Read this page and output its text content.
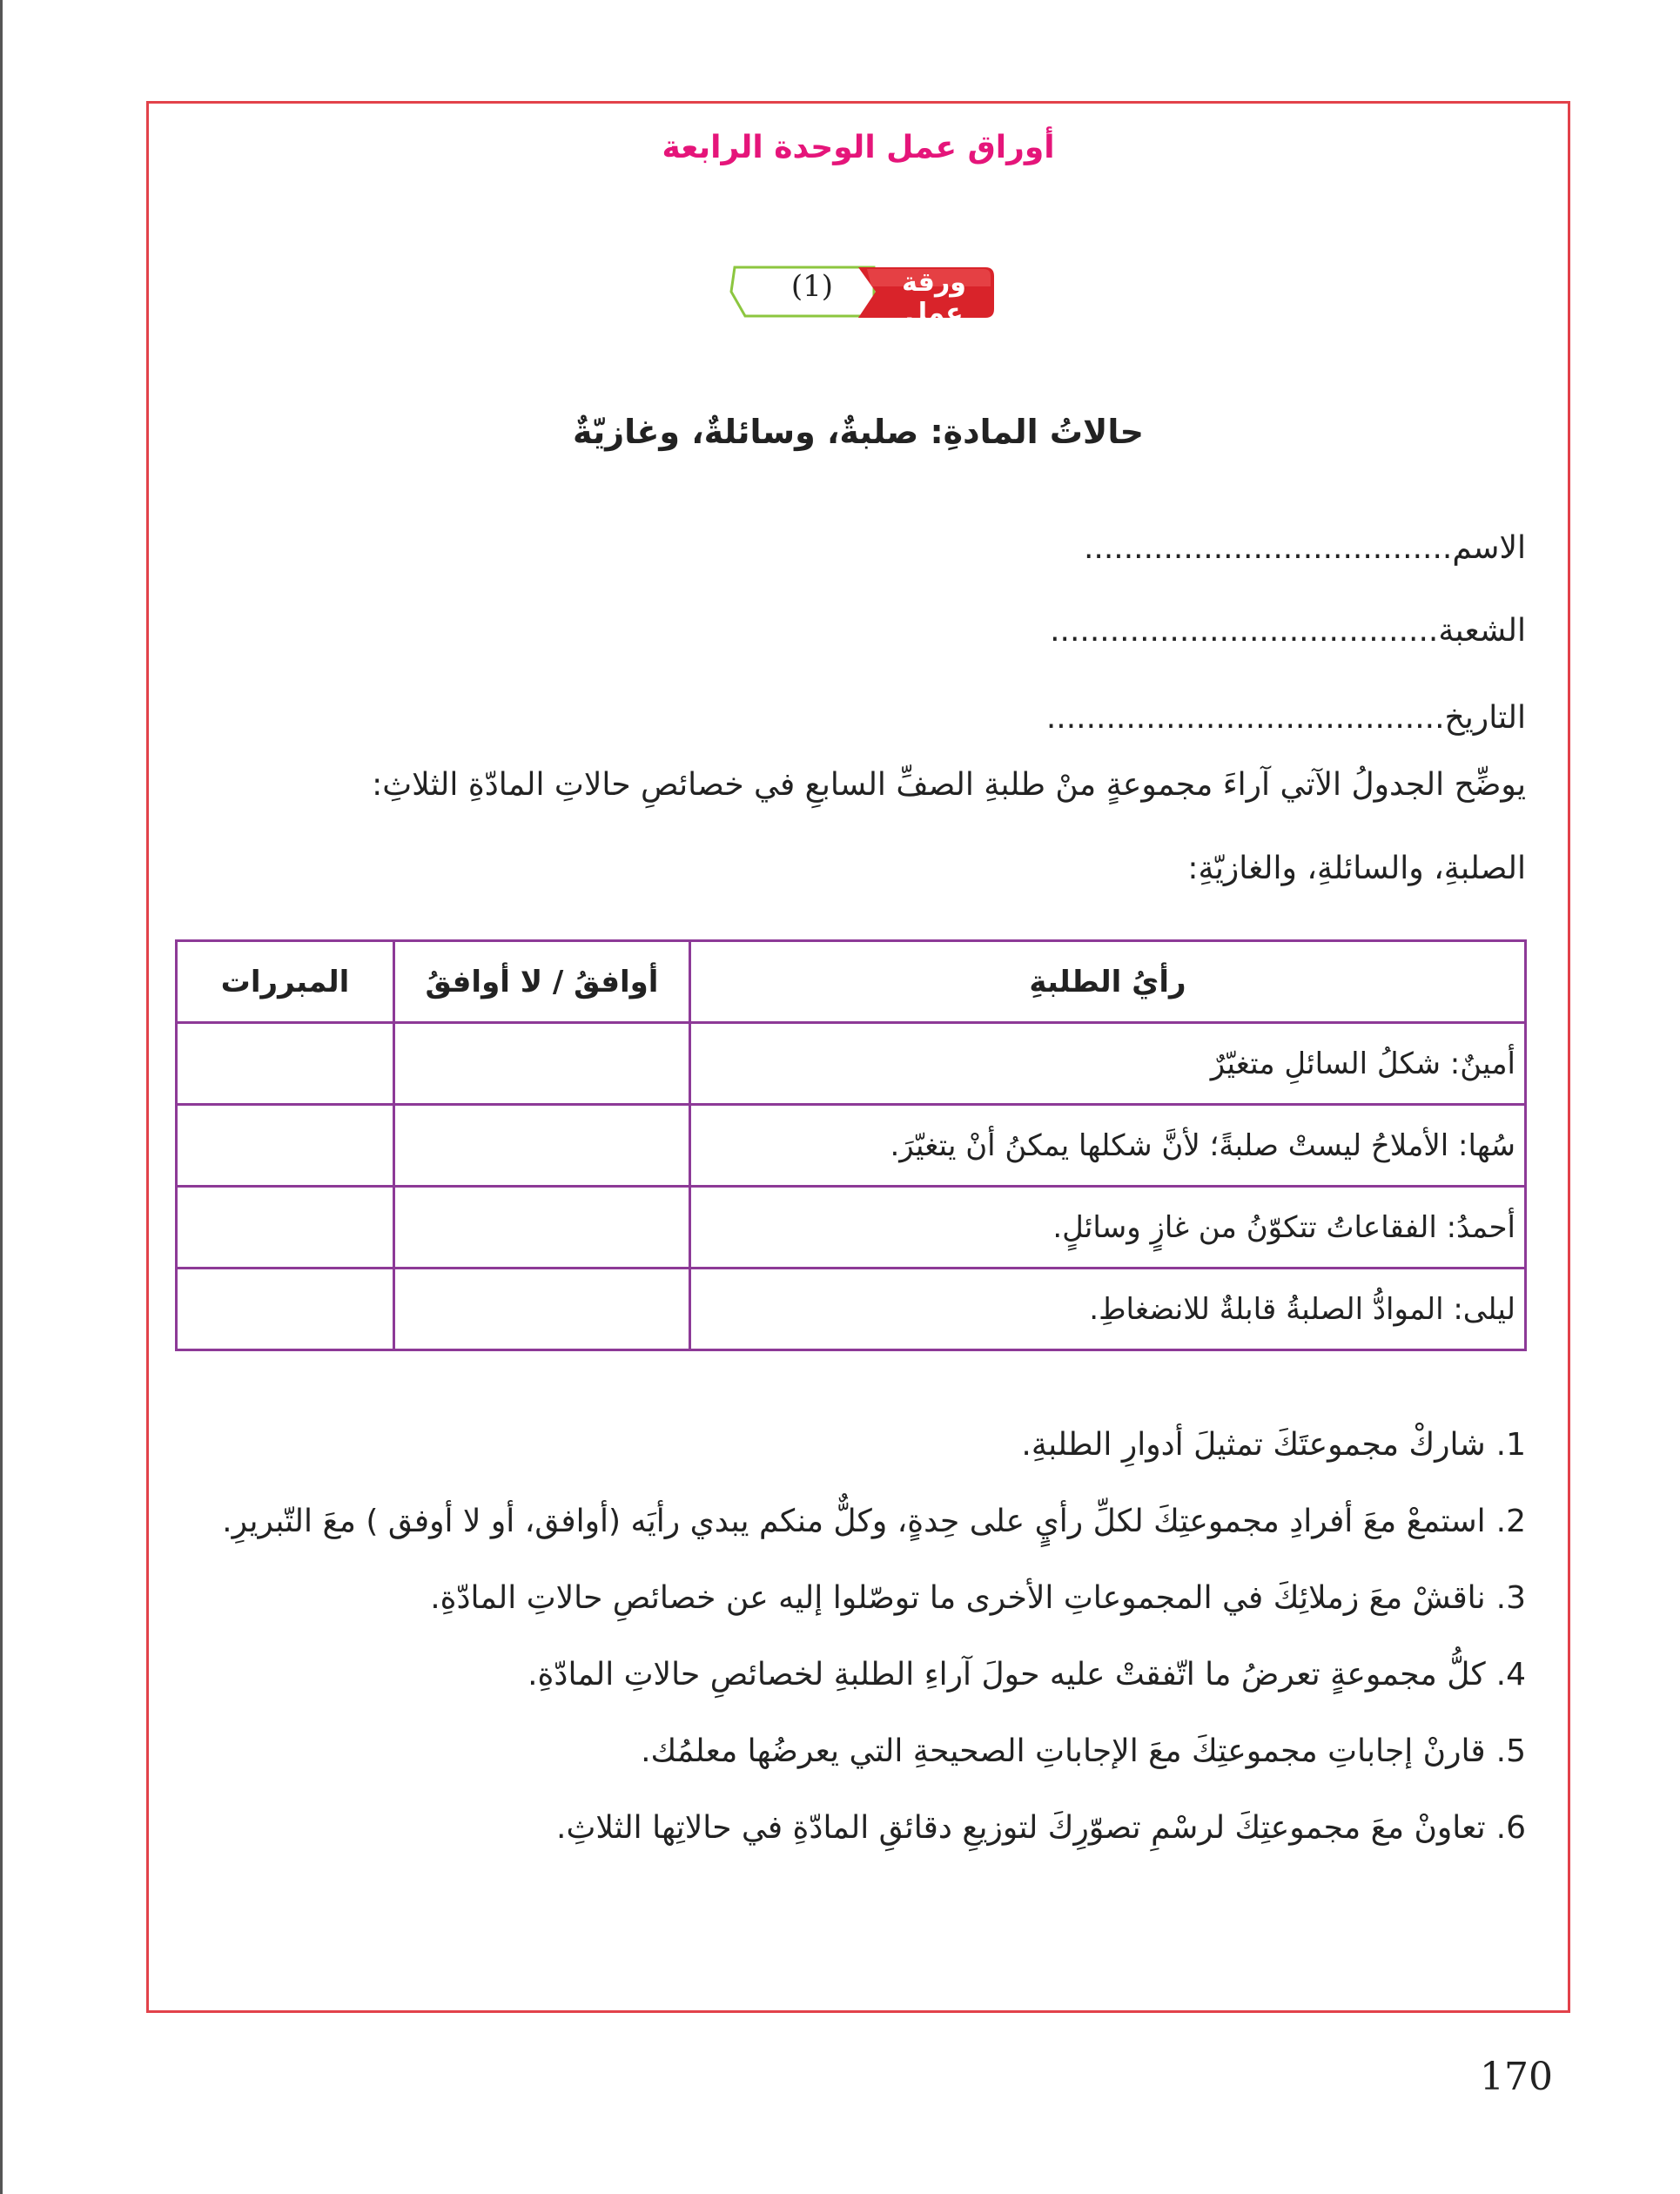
أوراق عمل الوحدة الرابعة
(1)	ورقة عمل
حالاتُ المادةِ: صلبةٌ، وسائلةٌ، وغازيّةٌ
الاسم.....................................
الشعبة.......................................
التاريخ........................................
يوضِّح الجدولُ الآتي آراءَ مجموعةٍ منْ طلبةِ الصفِّ السابعِ في خصائصِ حالاتِ المادّةِ الثلاثِ:
الصلبةِ، والسائلةِ، والغازيّةِ:
رأيُ الطلبةِ	أوافقُ / لا أوافقُ	المبررات
أمينٌ: شكلُ السائلِ متغيّرٌ		
سُها: الأملاحُ ليستْ صلبةً؛ لأنَّ شكلها يمكنُ أنْ يتغيّرَ.		
أحمدُ: الفقاعاتُ تتكوّنُ من غازٍ وسائلٍ.		
ليلى: الموادُّ الصلبةُ قابلةٌ للانضغاطِ.		
1.شاركْ مجموعتَكَ تمثيلَ أدوارِ الطلبةِ.
2.استمعْ معَ أفرادِ مجموعتِكَ لكلِّ رأيٍ على حِدةٍ، وكلٌّ منكم يبدي رأيَه (أوافق، أو لا أوفق ) معَ التّبريرِ.
3.ناقشْ معَ زملائِكَ في المجموعاتِ الأخرى ما توصّلوا إليه عن خصائصِ حالاتِ المادّةِ.
4.كلُّ مجموعةٍ تعرضُ ما اتّفقتْ عليه حولَ آراءِ الطلبةِ لخصائصِ حالاتِ المادّةِ.
5.قارنْ إجاباتِ مجموعتِكَ معَ الإجاباتِ الصحيحةِ التي يعرضُها معلمُك.
6.تعاونْ معَ مجموعتِكَ لرسْمِ تصوّرِكَ لتوزيعِ دقائقِ المادّةِ في حالاتِها الثلاثِ.
170
